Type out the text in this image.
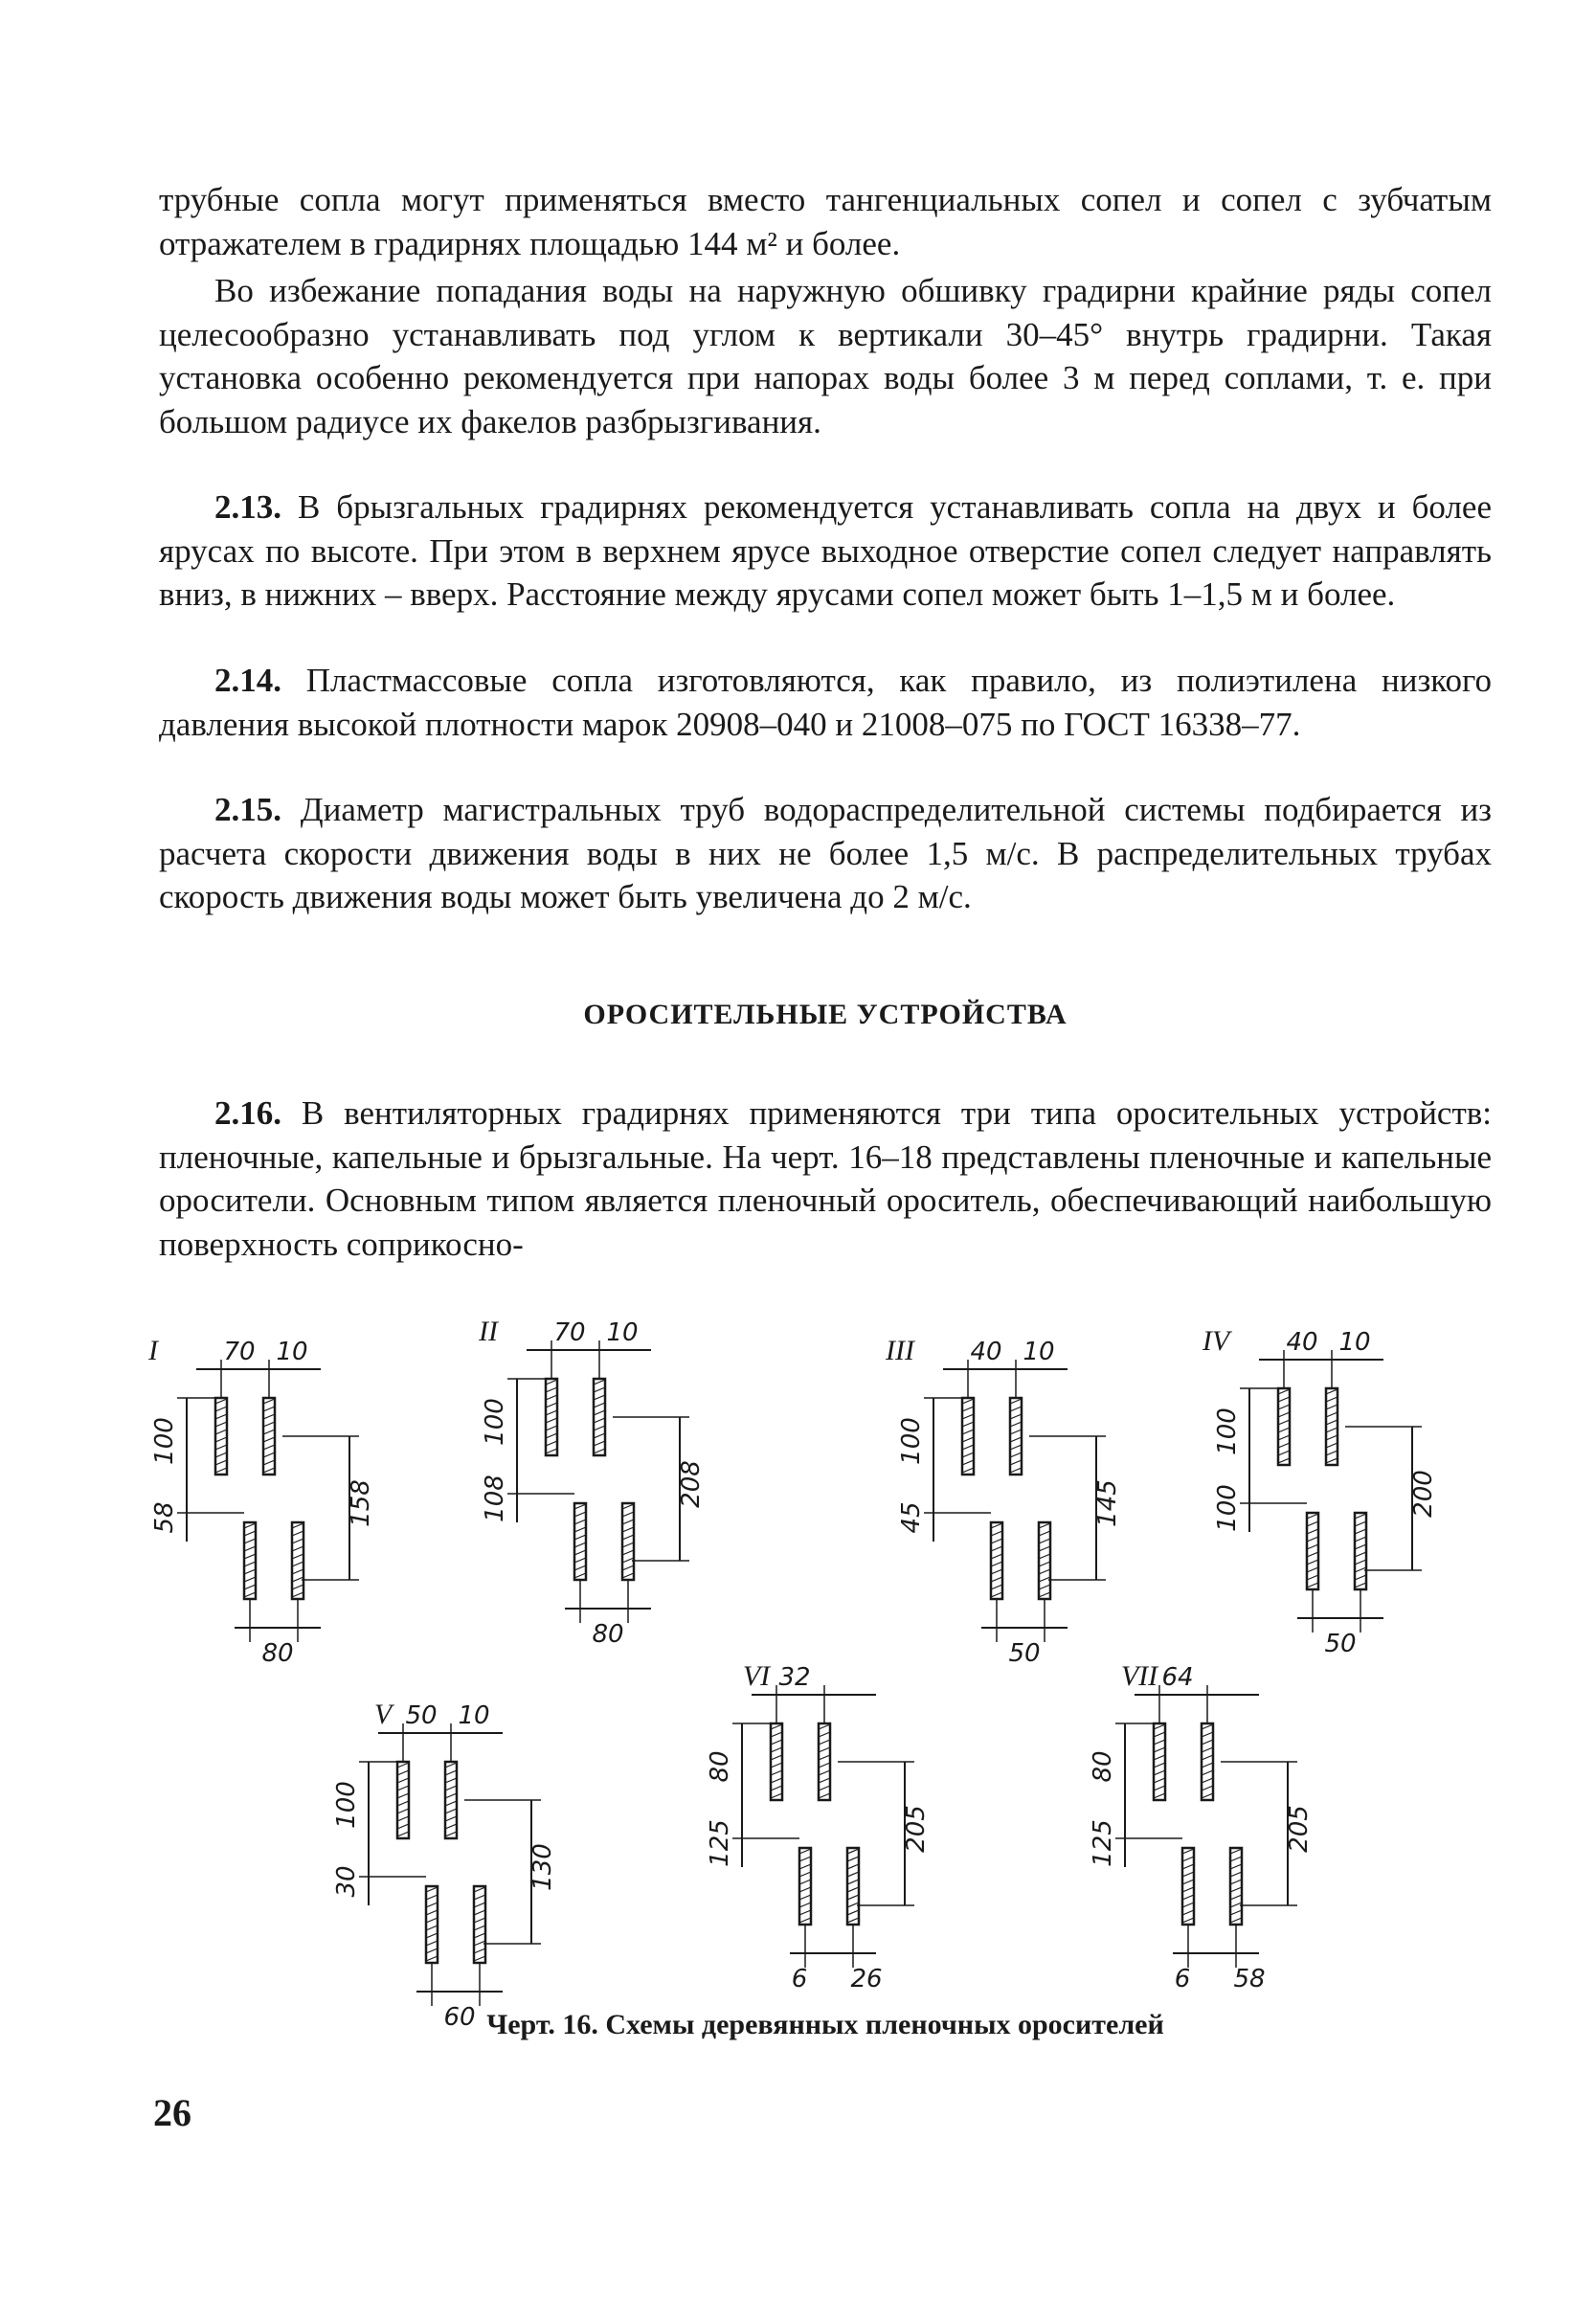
трубные сопла могут применяться вместо тангенциальных сопел и сопел с зубчатым отражателем в градирнях площадью 144 м² и более.

Во избежание попадания воды на наружную обшивку градирни крайние ряды сопел целесообразно устанавливать под углом к вертикали 30–45° внутрь градирни. Такая установка особенно рекомендуется при напорах воды более 3 м перед соплами, т. е. при большом радиусе их факелов разбрызгивания.

2.13. В брызгальных градирнях рекомендуется устанавливать сопла на двух и более ярусах по высоте. При этом в верхнем ярусе выходное отверстие сопел следует направлять вниз, в нижних – вверх. Расстояние между ярусами сопел может быть 1–1,5 м и более.

2.14. Пластмассовые сопла изготовляются, как правило, из полиэтилена низкого давления высокой плотности марок 20908–040 и 21008–075 по ГОСТ 16338–77.

2.15. Диаметр магистральных труб водораспределительной системы подбирается из расчета скорости движения воды в них не более 1,5 м/с. В распределительных трубах скорость движения воды может быть увеличена до 2 м/с.

2.16. В вентиляторных градирнях применяются три типа оросительных устройств: пленочные, капельные и брызгальные. На черт. 16–18 представлены пленочные и капельные оросители. Основным типом является пленочный ороситель, обеспечивающий наибольшую поверхность соприкосно-

ОРОСИТЕЛЬНЫЕ УСТРОЙСТВА
I	70 10
100
58	158
80
II 70 10
100
108	208
80
III 40 10
100
45	145
50
IV 40 10
100
100	200
50
V 50 10
100
30	130
60
VI 32
80
125	205
6 26
VII 64
80
125	205
6 58
Черт. 16. Схемы деревянных пленочных оросителей
26
